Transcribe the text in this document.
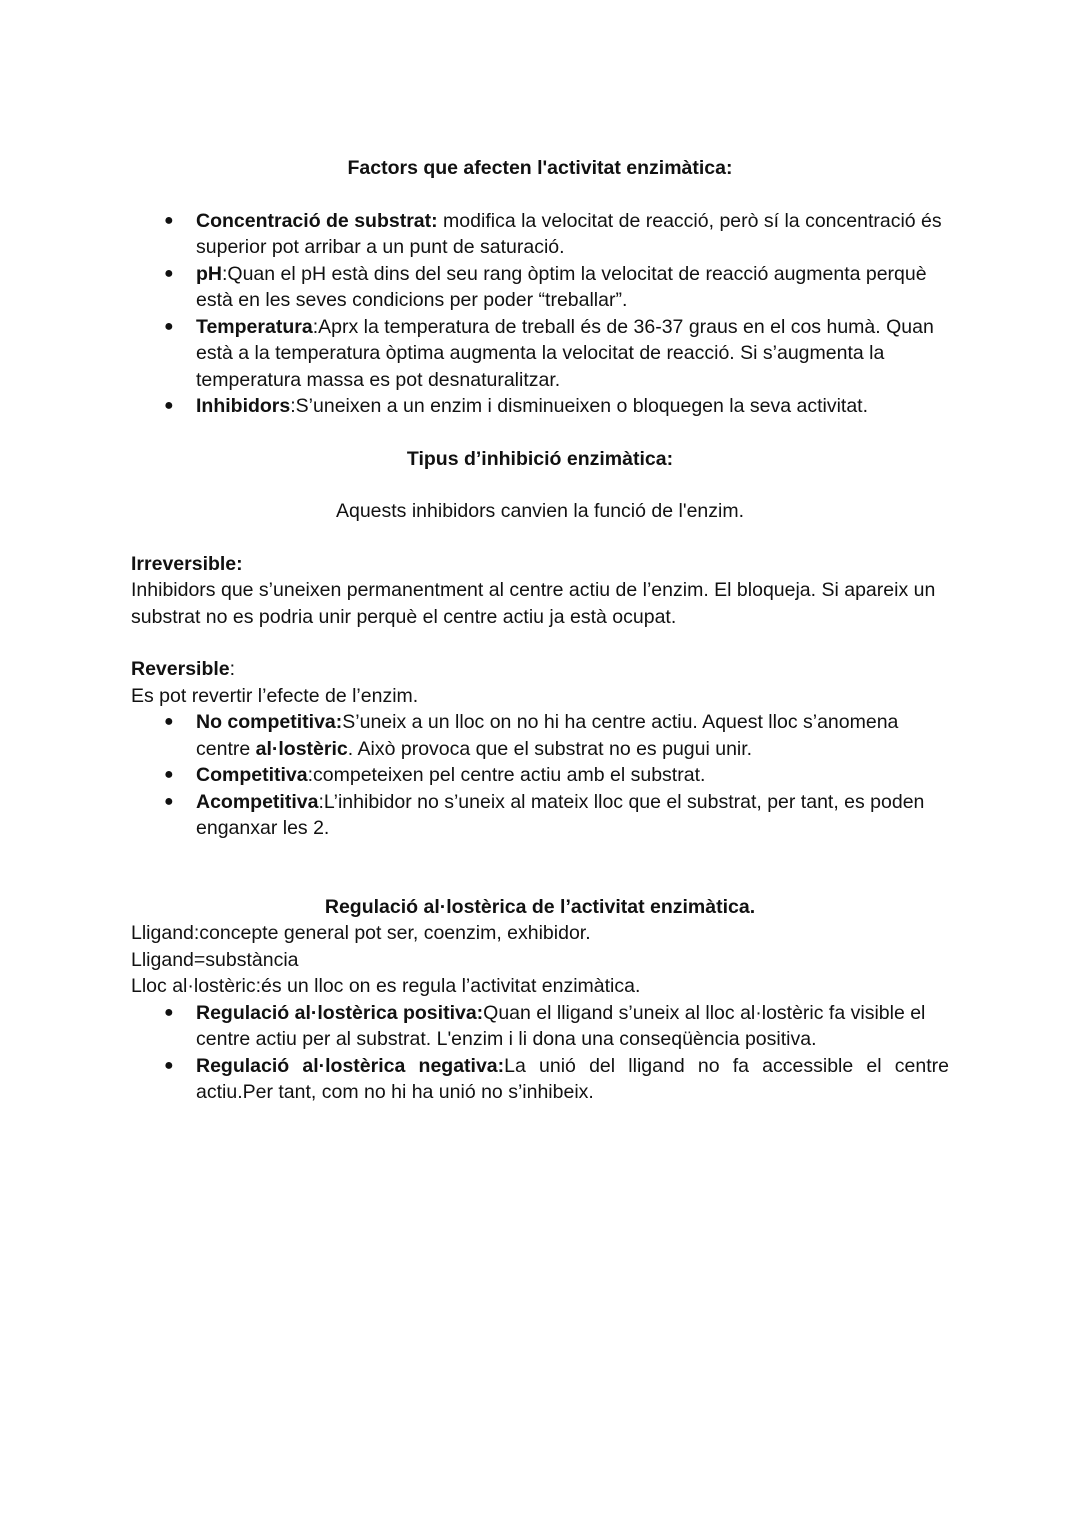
Factors que afecten l'activitat enzimàtica:
● Concentració de substrat: modifica la velocitat de reacció, però sí la concentració és superior pot arribar a un punt de saturació.
● pH:Quan el pH està dins del seu rang òptim la velocitat de reacció augmenta perquè està en les seves condicions per poder “treballar”.
● Temperatura:Aprx la temperatura de treball és de 36-37 graus en el cos humà. Quan està a la temperatura òptima augmenta la velocitat de reacció. Si s’augmenta la temperatura massa es pot desnaturalitzar.
● Inhibidors:S’uneixen a un enzim i disminueixen o bloquegen la seva activitat.
Tipus d’inhibició enzimàtica:
Aquests inhibidors canvien la funció de l'enzim.
Irreversible:
Inhibidors que s’uneixen permanentment al centre actiu de l’enzim. El bloqueja. Si apareix un substrat no es podria unir perquè el centre actiu ja està ocupat.
Reversible:
Es pot revertir l’efecte de l’enzim.
● No competitiva:S’uneix a un lloc on no hi ha centre actiu. Aquest lloc s’anomena centre al·lostèric. Això provoca que el substrat no es pugui unir.
● Competitiva:competeixen pel centre actiu amb el substrat.
● Acompetitiva:L’inhibidor no s’uneix al mateix lloc que el substrat, per tant, es poden enganxar les 2.
Regulació al·lostèrica de l’activitat enzimàtica.
Lligand:concepte general pot ser, coenzim, exhibidor.
Lligand=substància
Lloc al·lostèric:és un lloc on es regula l’activitat enzimàtica.
● Regulació al·lostèrica positiva:Quan el lligand s’uneix al lloc al·lostèric fa visible el centre actiu per al substrat. L'enzim i li dona una conseqüència positiva.
● Regulació al·lostèrica negativa:La unió del lligand no fa accessible el centre actiu.Per tant, com no hi ha unió no s’inhibeix.
